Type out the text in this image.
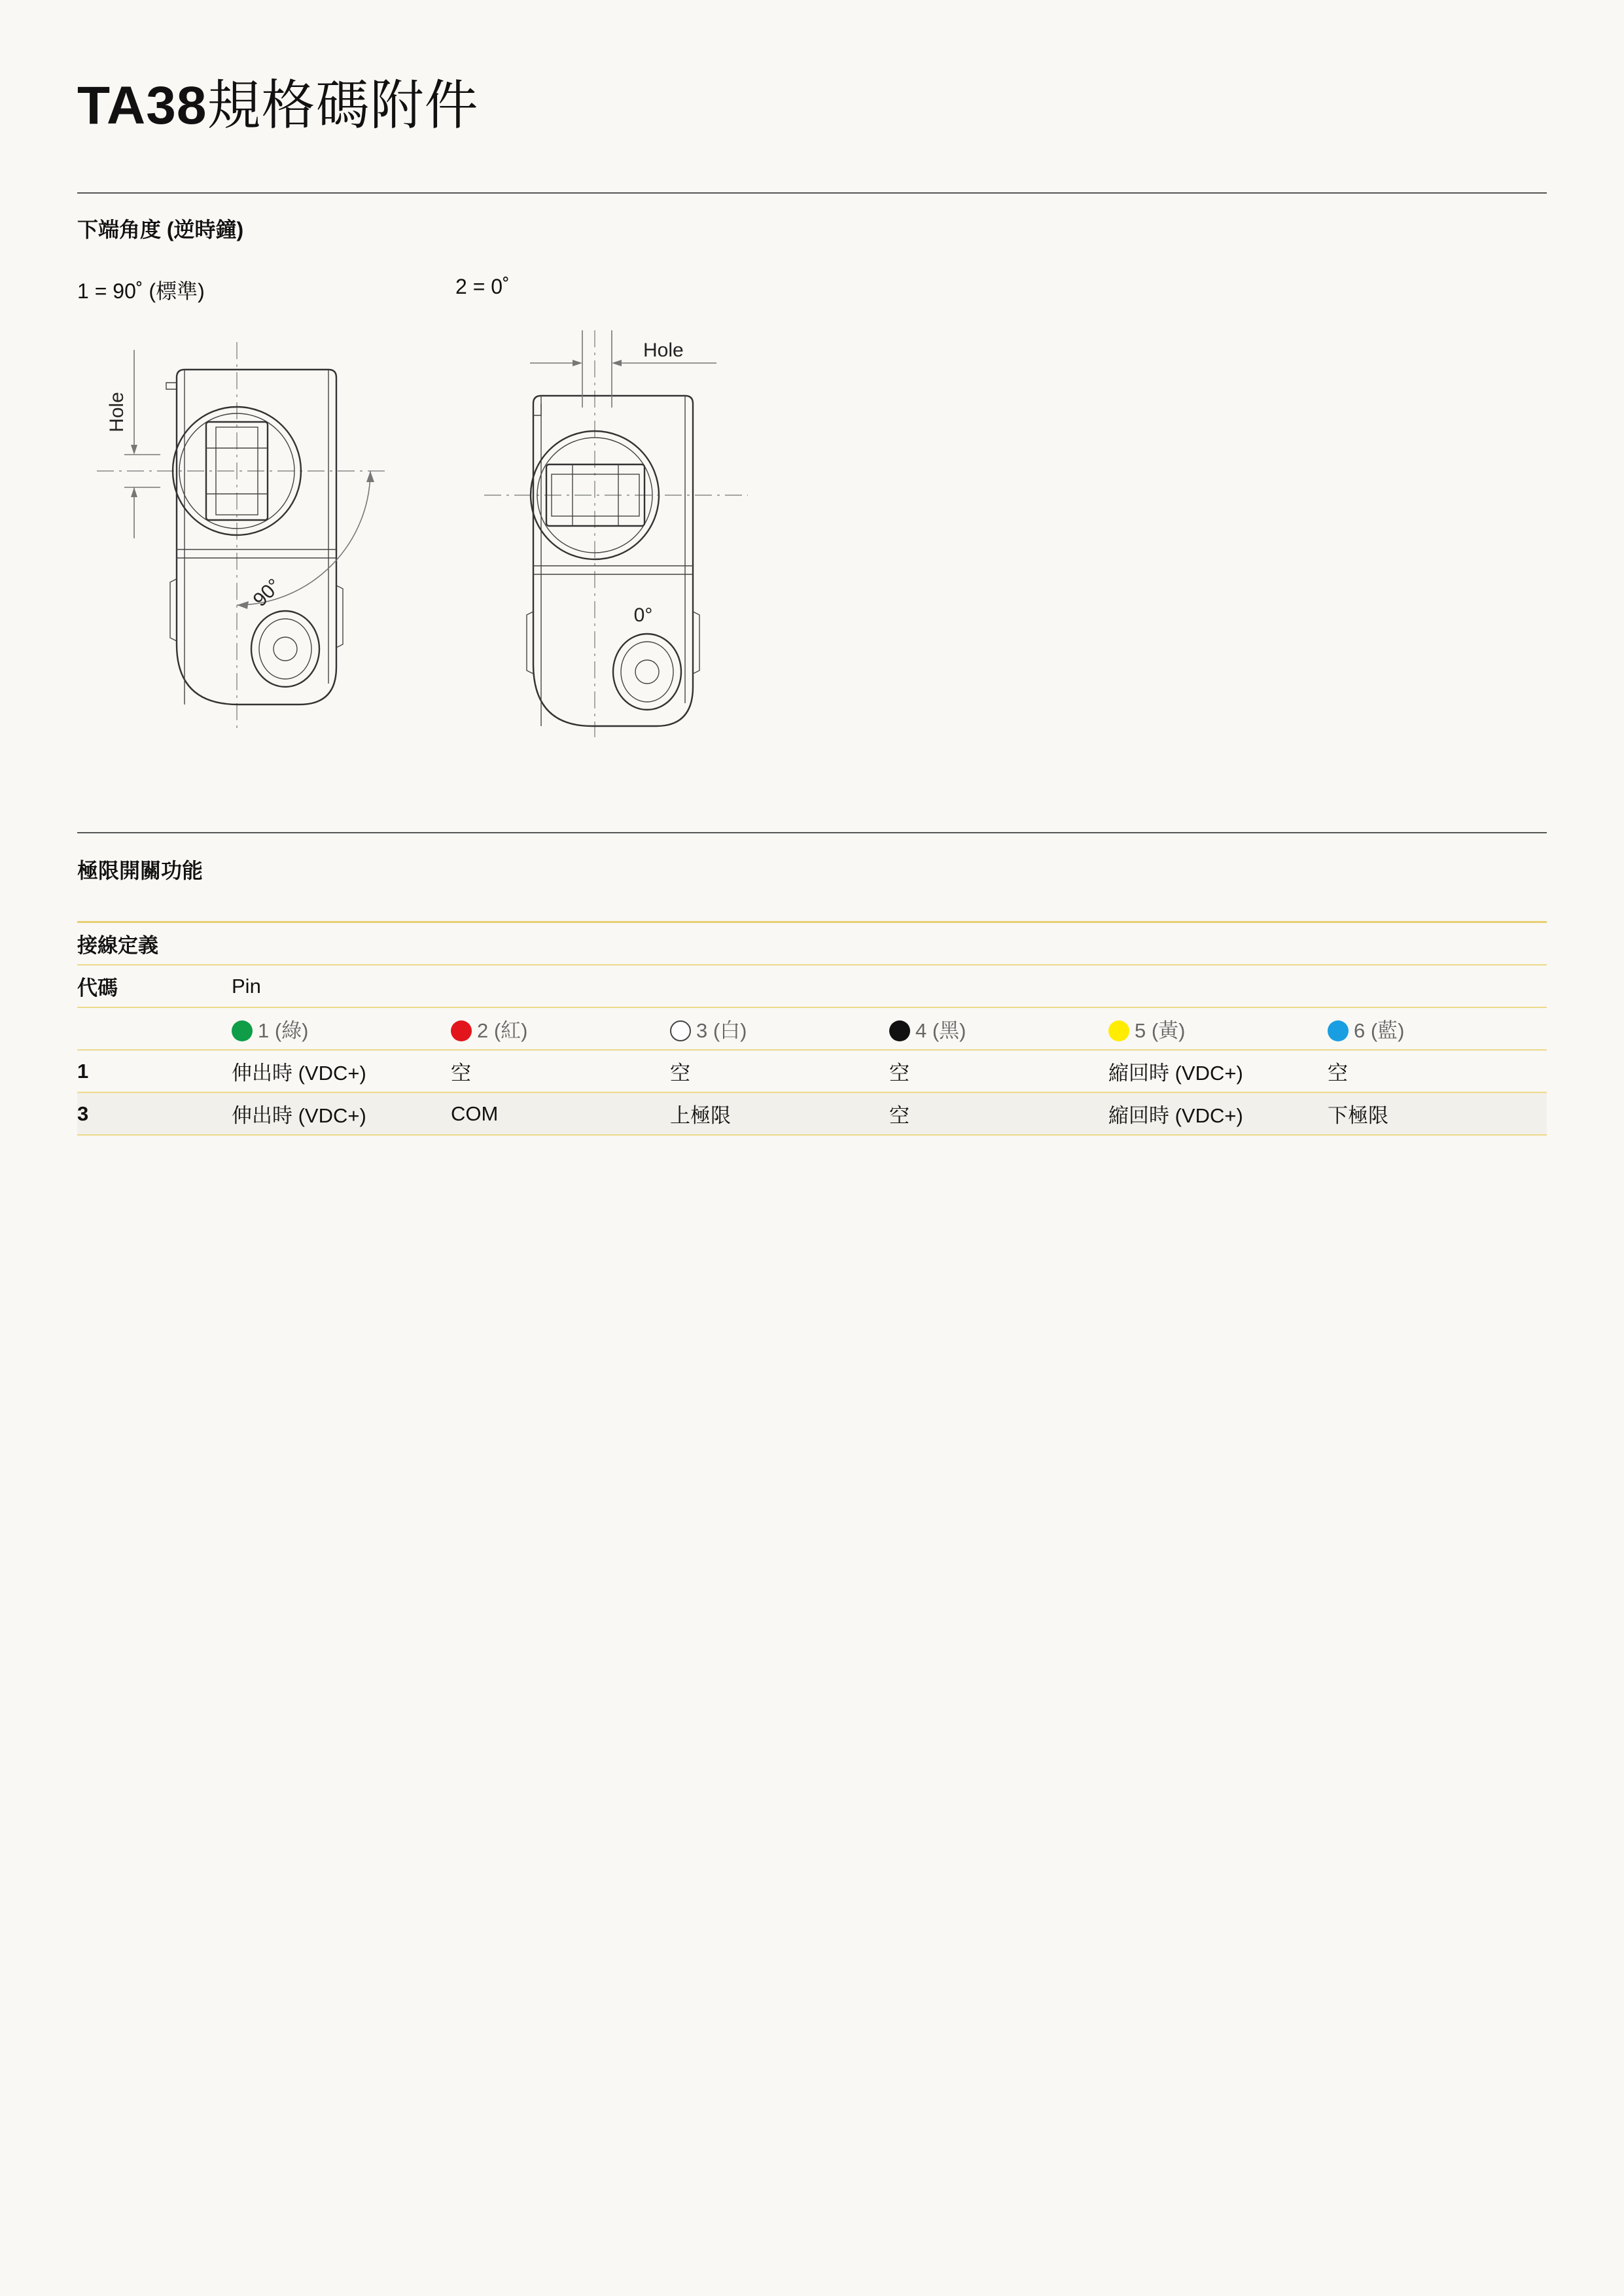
TA38規格碼附件
下端角度 (逆時鐘)
1 = 90˚ (標準)	2 = 0˚
Hole
90°
Hole
0°
極限開關功能
接線定義						
代碼	Pin					
	1 (綠)	2 (紅)	3 (白)	4 (黑)	5 (黃)	6 (藍)
1	伸出時 (VDC+)	空	空	空	縮回時 (VDC+)	空
3	伸出時 (VDC+)	COM	上極限	空	縮回時 (VDC+)	下極限
